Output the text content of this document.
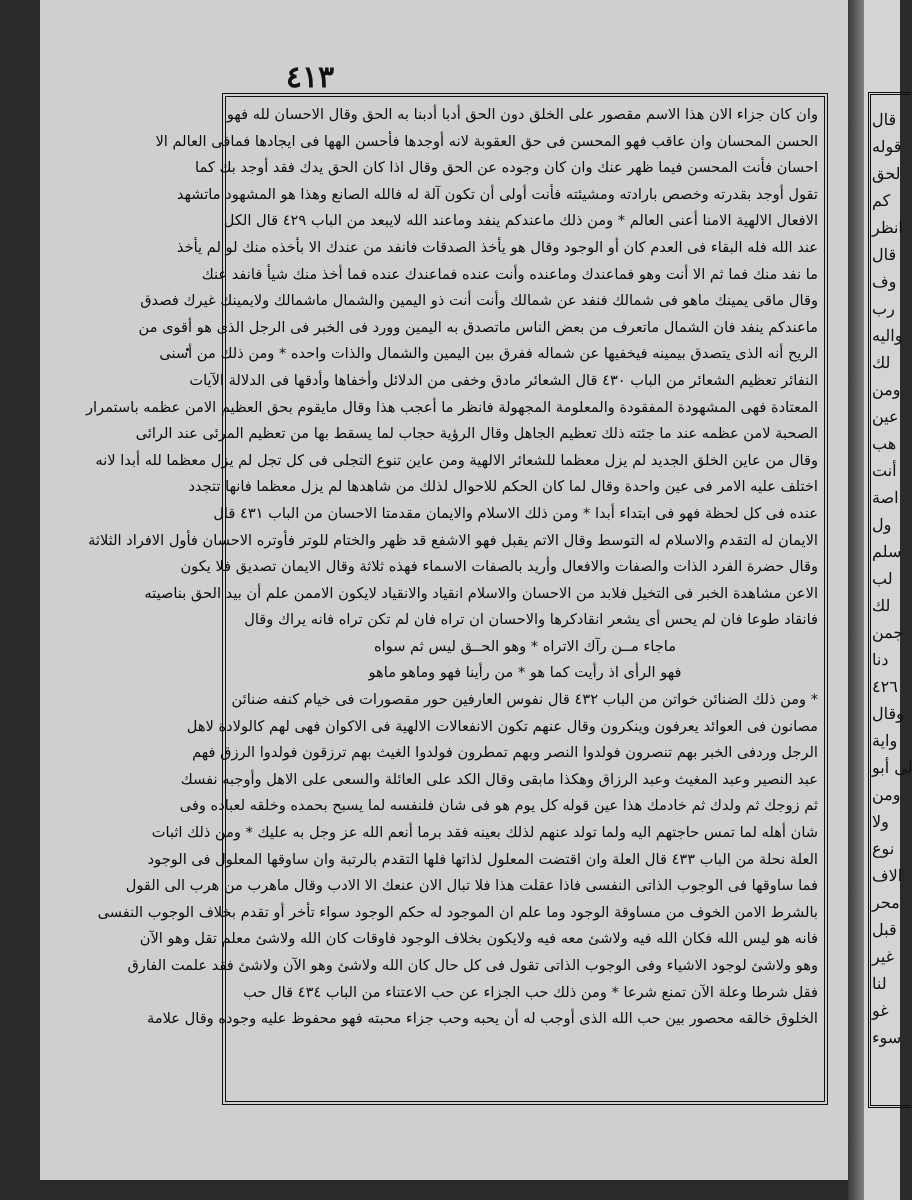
قال
قوله
لحق
كم
انظر
قال
وف
رب
واليه
لك
ومن
عين
هب
أنت
اصة
ول
سلم
لب
لك
جمن
دنا
٤٢٦
وقال
واية
لى أبو
ومن
ولا
نوع
الاف
محر
قبل
غير
لنا
غو
سوء
٤١٣

وان كان جزاء الان هذا الاسم مقصور على الخلق دون الحق أدبا أدبنا به الحق وقال الاحسان لله فهو

الحسن المحسان وان عاقب فهو المحسن فى حق العقوبة لانه أوجدها فأحسن الهها فى ايجادها فمافى العالم الا

احسان فأنت المحسن فيما ظهر عنك وان كان وجوده عن الحق وقال اذا كان الحق يدك فقد أوجد بك كما

تقول أوجد بقدرته وخصص بارادته ومشيئته فأنت أولى أن تكون آلة له فالله الصانع وهذا هو المشهود ماتشهد

الافعال الالهية الامنا أعنى العالم * ومن ذلك ماعندكم ينفد وماعند الله لايبعد من الباب ٤٢٩ قال الكل

عند الله فله البقاء فى العدم كان أو الوجود وقال هو يأخذ الصدقات فانفد من عندك الا بأخذه منك لو لم يأخذ

ما نفد منك فما ثم الا أنت وهو فماعندك وماعنده وأنت عنده فماعندك عنده فما أخذ منك شيأ فانفد عنك

وقال ماقى يمينك ماهو فى شمالك فنفد عن شمالك وأنت أنت ذو اليمين والشمال ماشمالك ولايمينك غيرك فصدق

ماعندكم ينفد فان الشمال ماتعرف من بعض الناس ماتصدق به اليمين وورد فى الخبر فى الرجل الذى هو أقوى من

الريح أنه الذى يتصدق بيمينه فيخفيها عن شماله ففرق بين اليمين والشمال والذات واحده * ومن ذلك من أسنى

النفائر تعظيم الشعائر من الباب ٤٣٠ قال الشعائر مادق وخفى من الدلائل وأخفاها وأدقها فى الدلالة الآيات

المعتادة فهى المشهودة المفقودة والمعلومة المجهولة فانظر ما أعجب هذا وقال مايقوم بحق العظيم الامن عظمه باستمرار

الصحبة لامن عظمه عند ما جئته ذلك تعظيم الجاهل وقال الرؤية حجاب لما يسقط بها من تعظيم المرئى عند الرائى

وقال من عاين الخلق الجديد لم يزل معظما للشعائر الالهية ومن عاين تنوع التجلى فى كل تجل لم يزل معظما لله أبدا لانه

اختلف عليه الامر فى عين واحدة وقال لما كان الحكم للاحوال لذلك من شاهدها لم يزل معظما فانها تتجدد

عنده فى كل لحظة فهو فى ابتداء أبدا * ومن ذلك الاسلام والايمان مقدمتا الاحسان من الباب ٤٣١ قال

الايمان له التقدم والاسلام له التوسط وقال الاتم يقبل فهو الاشفع قد ظهر والختام للوتر فأوتره الاحسان فأول الافراد الثلاثة

وقال حضرة الفرد الذات والصفات والافعال وأريد بالصفات الاسماء فهذه ثلاثة وقال الايمان تصديق فلا يكون

الاعن مشاهدة الخبر فى التخيل فلابد من الاحسان والاسلام انقياد والانقياد لايكون الاممن علم أن بيد الحق بناصيته

فانقاد طوعا فان لم يحس أى يشعر انقادكرها والاحسان ان تراه فان لم تكن تراه فانه يراك وقال

ماجاء مــن رآك الاتراه * وهو الحــق ليس ثم سواه

فهو الرأى اذ رأيت كما هو * من رأينا فهو وماهو ماهو

* ومن ذلك الضنائن خواتن من الباب ٤٣٢ قال نفوس العارفين حور مقصورات فى خيام كنفه ضنائن

مصانون فى العوائد يعرفون وينكرون وقال عنهم تكون الانفعالات الالهية فى الاكوان فهى لهم كالولادة لاهل

الرجل وردفى الخبر بهم تنصرون فولدوا النصر وبهم تمطرون فولدوا الغيث بهم ترزقون فولدوا الرزق فهم

عبد النصير وعبد المغيث وعبد الرزاق وهكذا مابقى وقال الكد على العائلة والسعى على الاهل وأوجبه نفسك

ثم زوجك ثم ولدك ثم خادمك هذا عين قوله كل يوم هو فى شان فلنفسه لما يسبح بحمده وخلقه لعباده وفى

شان أهله لما تمس حاجتهم اليه ولما تولد عنهم لذلك بعينه فقد برما أنعم الله عز وجل به عليك * ومن ذلك اثبات

العلة نحلة من الباب ٤٣٣ قال العلة وان اقتضت المعلول لذاتها فلها التقدم بالرتبة وان ساوقها المعلول فى الوجود

فما ساوقها فى الوجوب الذاتى النفسى فاذا عقلت هذا فلا تبال الان عنعك الا الادب وقال ماهرب من هرب الى القول

بالشرط الامن الخوف من مساوقة الوجود وما علم ان الموجود له حكم الوجود سواء تأخر أو تقدم بخلاف الوجوب النفسى

فانه هو ليس الله فكان الله فيه ولاشئ معه فيه ولايكون بخلاف الوجود فاوقات كان الله ولاشئ معلم تقل وهو الآن

وهو ولاشئ لوجود الاشياء وفى الوجوب الذاتى تقول فى كل حال كان الله ولاشئ وهو الآن ولاشئ فقد علمت الفارق

فقل شرطا وعلة الآن تمنع شرعا * ومن ذلك حب الجزاء عن حب الاعتناء من الباب ٤٣٤ قال حب

الخلوق خالقه محصور بين حب الله الذى أوجب له أن يحبه وحب جزاء محبته فهو محفوظ عليه وجوده وقال علامة
